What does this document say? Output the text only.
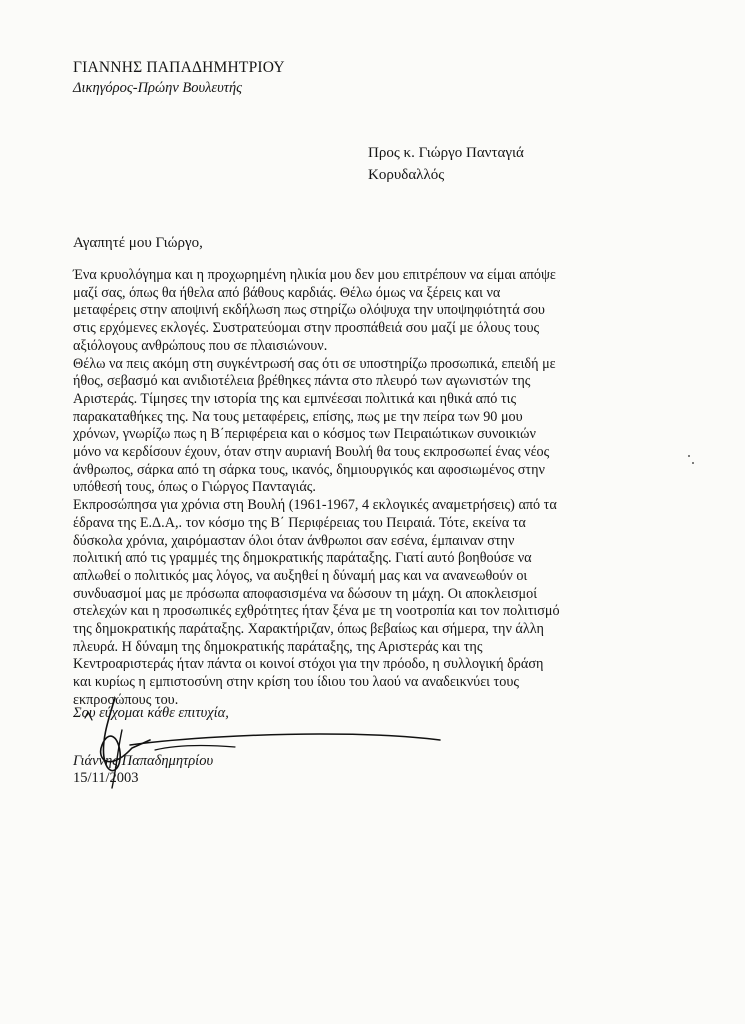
ΓΙΑΝΝΗΣ ΠΑΠΑΔΗΜΗΤΡΙΟΥ
Δικηγόρος-Πρώην Βουλευτής
Προς κ. Γιώργο Πανταγιά
Κορυδαλλός
Αγαπητέ μου Γιώργο,

Ένα κρυολόγημα και η προχωρημένη ηλικία μου δεν μου επιτρέπουν να είμαι απόψε

μαζί σας, όπως θα ήθελα από βάθους καρδιάς. Θέλω όμως να ξέρεις και να

μεταφέρεις στην αποψινή εκδήλωση πως στηρίζω ολόψυχα την υποψηφιότητά σου

στις ερχόμενες εκλογές. Συστρατεύομαι στην προσπάθειά σου μαζί με όλους τους

αξιόλογους ανθρώπους που σε πλαισιώνουν.

Θέλω να πεις ακόμη στη συγκέντρωσή σας ότι σε υποστηρίζω προσωπικά, επειδή με

ήθος, σεβασμό και ανιδιοτέλεια βρέθηκες πάντα στο πλευρό των αγωνιστών της

Αριστεράς. Τίμησες την ιστορία της και εμπνέεσαι πολιτικά και ηθικά από τις

παρακαταθήκες της. Να τους μεταφέρεις, επίσης, πως με την πείρα των 90 μου

χρόνων, γνωρίζω πως η Β΄περιφέρεια και ο κόσμος των Πειραιώτικων συνοικιών

μόνο να κερδίσουν έχουν, όταν στην αυριανή Βουλή θα τους εκπροσωπεί ένας νέος

άνθρωπος, σάρκα από τη σάρκα τους, ικανός, δημιουργικός και αφοσιωμένος στην

υπόθεσή τους, όπως ο Γιώργος Πανταγιάς.

Εκπροσώπησα για χρόνια στη Βουλή (1961-1967, 4 εκλογικές αναμετρήσεις) από τα

έδρανα της Ε.Δ.Α,. τον κόσμο της Β΄ Περιφέρειας του Πειραιά. Τότε, εκείνα τα

δύσκολα χρόνια, χαιρόμασταν όλοι όταν άνθρωποι σαν εσένα, έμπαιναν στην

πολιτική από τις γραμμές της δημοκρατικής παράταξης. Γιατί αυτό βοηθούσε να

απλωθεί ο πολιτικός μας λόγος, να αυξηθεί η δύναμή μας και να ανανεωθούν οι

συνδυασμοί μας με πρόσωπα αποφασισμένα να δώσουν τη μάχη. Οι αποκλεισμοί

στελεχών και η προσωπικές εχθρότητες ήταν ξένα με τη νοοτροπία και τον πολιτισμό

της δημοκρατικής παράταξης. Χαρακτήριζαν, όπως βεβαίως και σήμερα, την άλλη

πλευρά. Η δύναμη της δημοκρατικής παράταξης, της Αριστεράς και της

Κεντροαριστεράς ήταν πάντα οι κοινοί στόχοι για την πρόοδο, η συλλογική δράση

και κυρίως η εμπιστοσύνη στην κρίση του ίδιου του λαού να αναδεικνύει τους

εκπροσώπους του.

Σου εύχομαι κάθε επιτυχία,
Γιάννης Παπαδημητρίου
15/11/2003
